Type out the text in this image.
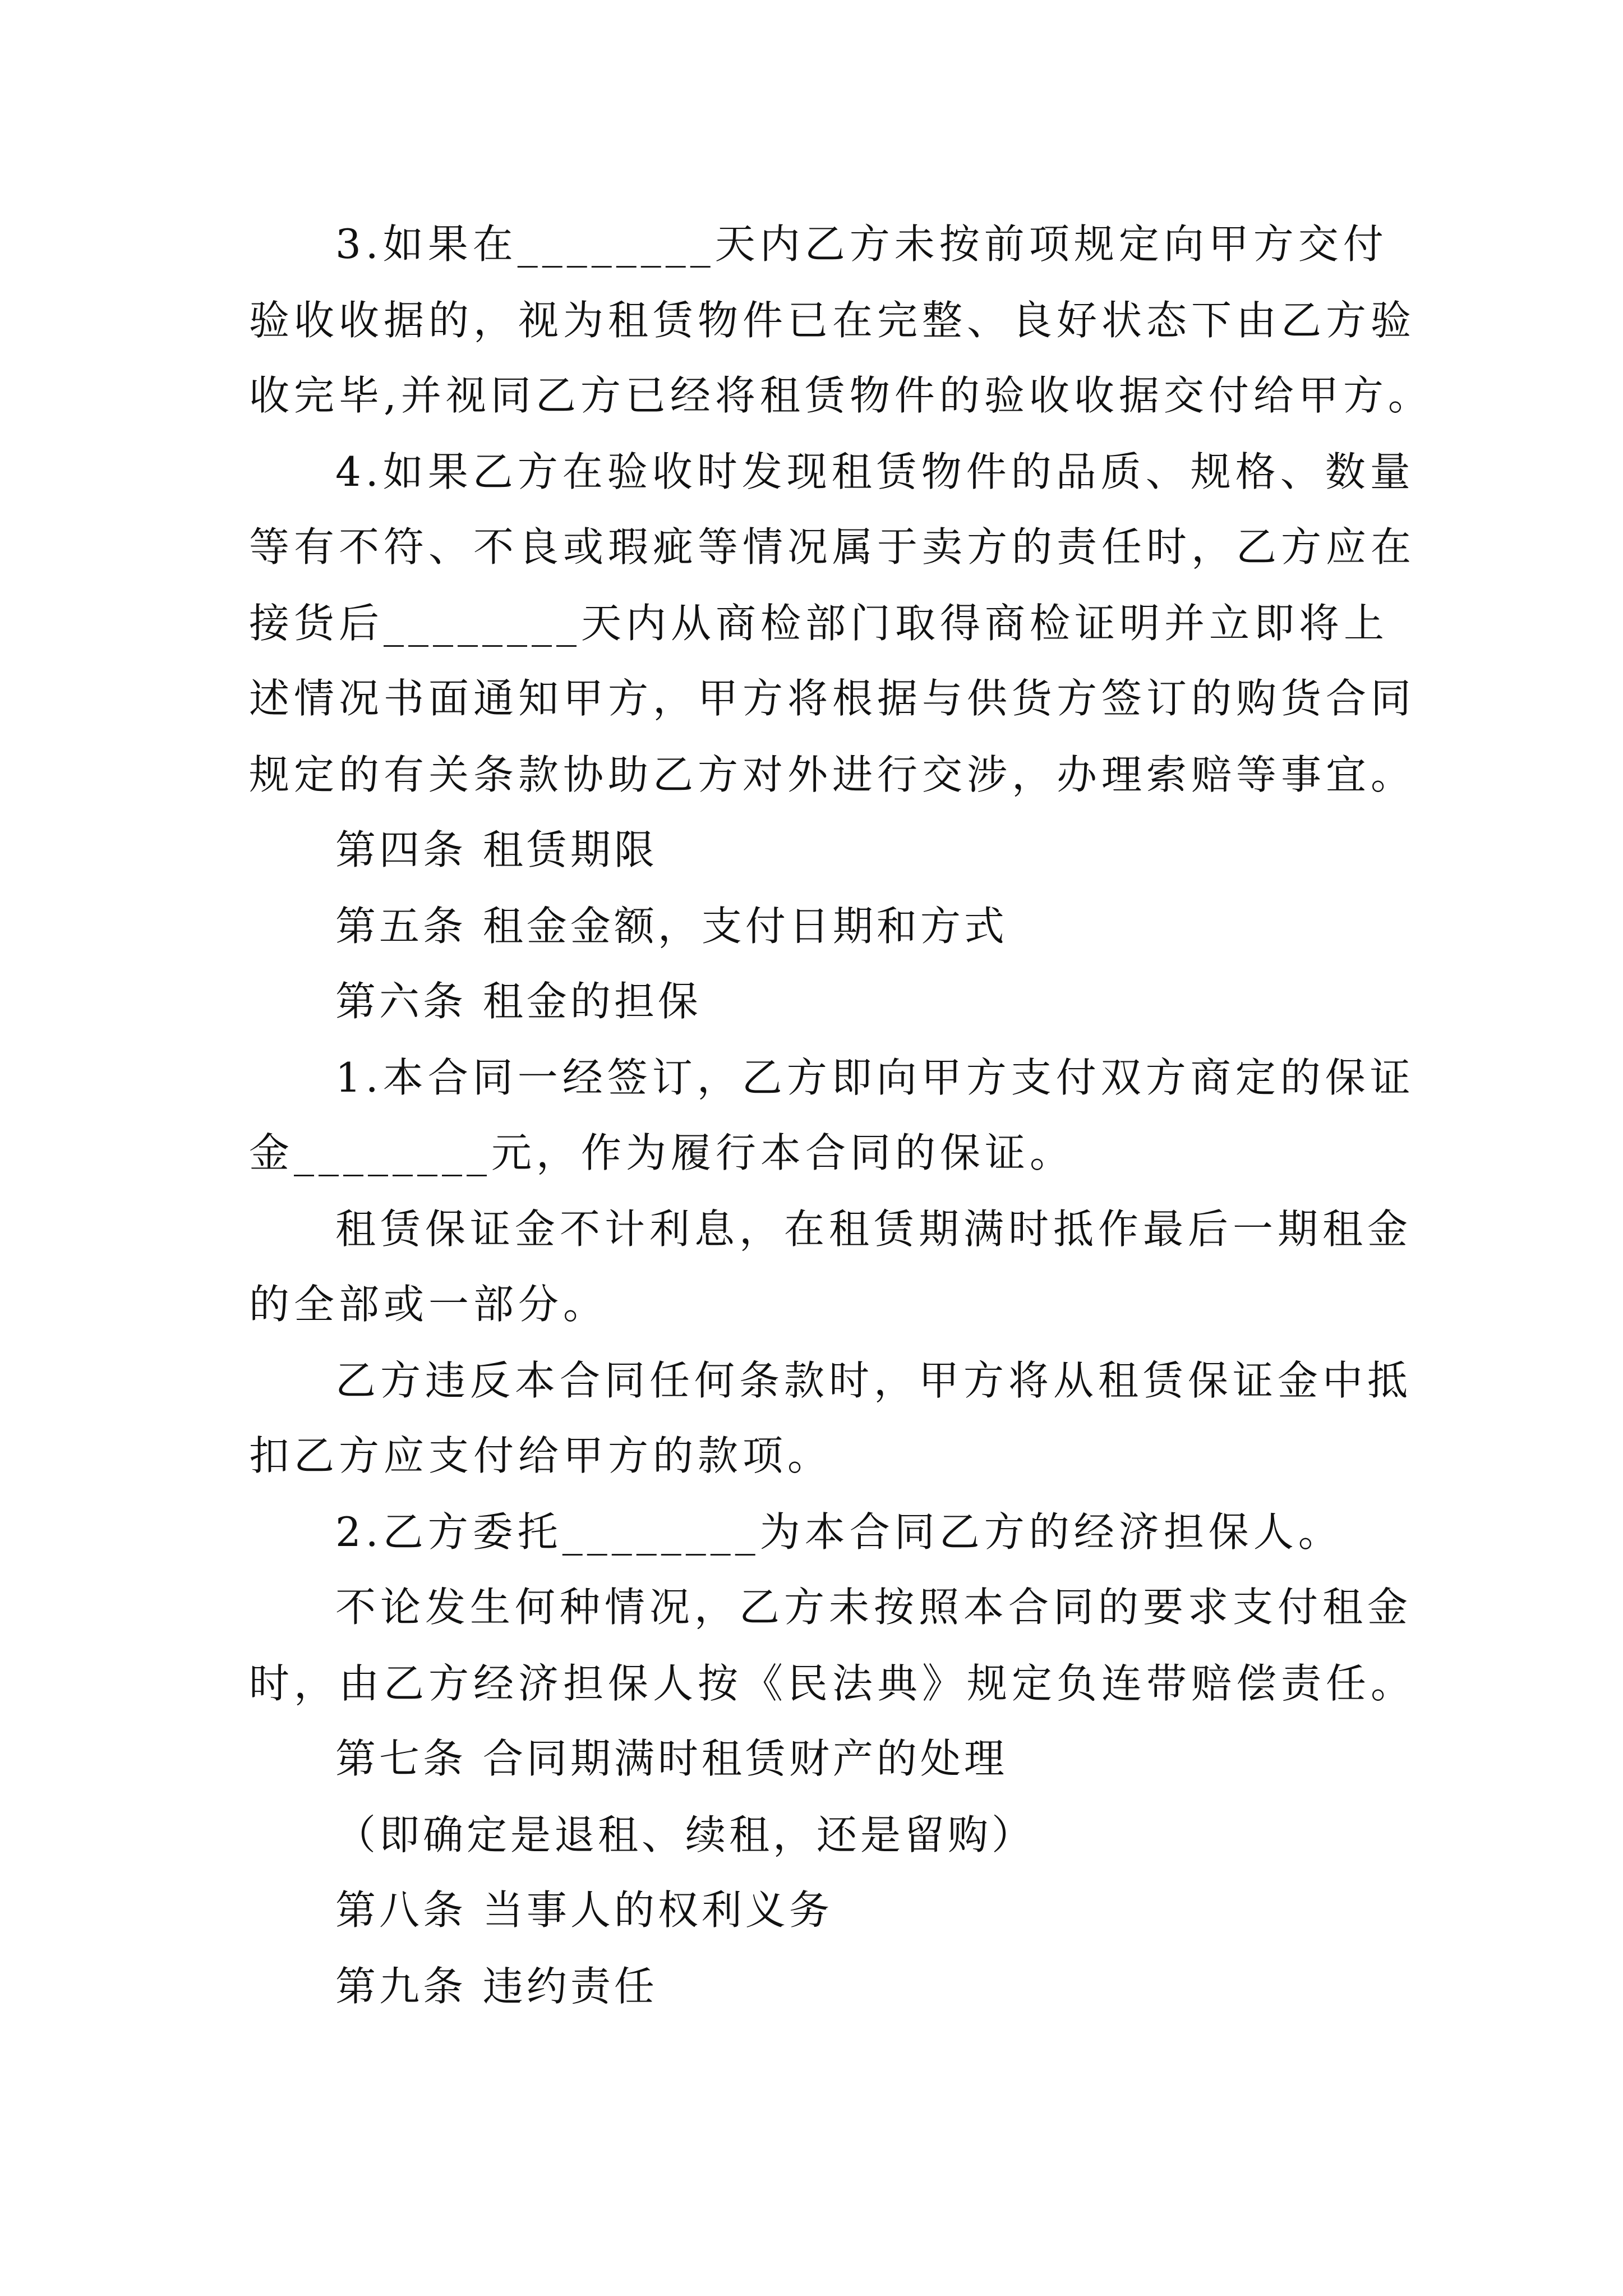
3.如果在________天内乙方未按前项规定向甲方交付
验收收据的，视为租赁物件已在完整、良好状态下由乙方验
收完毕,并视同乙方已经将租赁物件的验收收据交付给甲方。
4.如果乙方在验收时发现租赁物件的品质、规格、数量
等有不符、不良或瑕疵等情况属于卖方的责任时，乙方应在
接货后________天内从商检部门取得商检证明并立即将上
述情况书面通知甲方，甲方将根据与供货方签订的购货合同
规定的有关条款协助乙方对外进行交涉，办理索赔等事宜。
第四条 租赁期限
第五条 租金金额，支付日期和方式
第六条 租金的担保
1.本合同一经签订，乙方即向甲方支付双方商定的保证
金________元，作为履行本合同的保证。
租赁保证金不计利息，在租赁期满时抵作最后一期租金
的全部或一部分。
乙方违反本合同任何条款时，甲方将从租赁保证金中抵
扣乙方应支付给甲方的款项。
2.乙方委托________为本合同乙方的经济担保人。
不论发生何种情况，乙方未按照本合同的要求支付租金
时，由乙方经济担保人按《民法典》规定负连带赔偿责任。
第七条 合同期满时租赁财产的处理
（即确定是退租、续租，还是留购）
第八条 当事人的权利义务
第九条 违约责任
